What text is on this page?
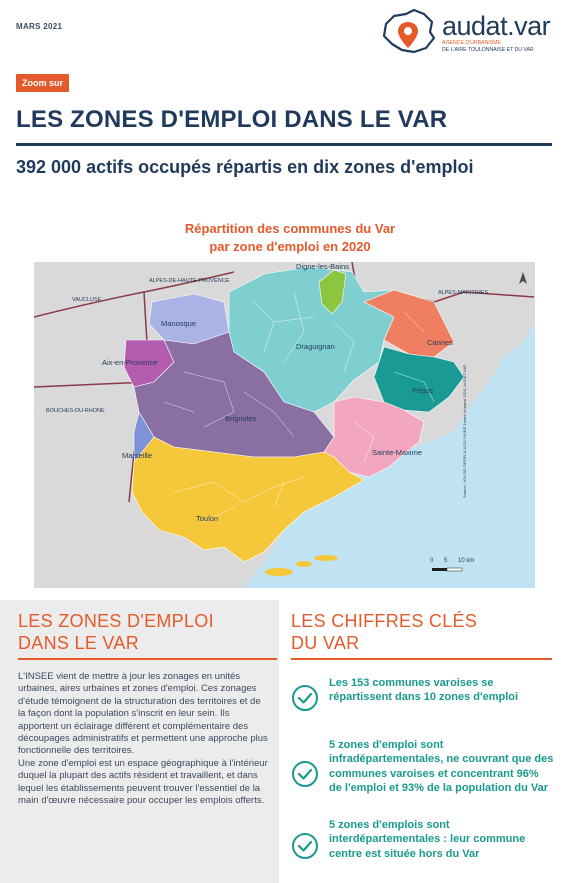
MARS 2021	audat.var
AGENCE D'URBANISME
DE L'AIRE TOULONNAISE ET DU VAR
Zoom sur
LES ZONES D'EMPLOI DANS LE VAR
392 000 actifs occupés répartis en dix zones d'emploi
Répartition des communes du Var
par zone d'emploi en 2020
ALPES-DE-HAUTE-PROVENCE
ALPES-MARITIMES
VAUCLUSE
BOUCHES-DU-RHONE
Digne-les-Bains
Manosque
Aix-en-Provence
Draguignan	Cannes
Fréjus
Brignoles
Marseille	Sainte-Maxime
Toulon
0 5 10 km
Source : IGN BD GEOFLA 2020, INSEE Zones d'emploi 2020, AUDAT.VAR
LES ZONES D'EMPLOI
DANS LE VAR

L'INSEE vient de mettre à jour les zonages en unités urbaines, aires urbaines et zones d'emploi. Ces zonages d'étude témoignent de la structuration des territoires et de la façon dont la population s'inscrit en leur sein. Ils apportent un éclairage différent et complémentaire des découpages administratifs et permettent une approche plus fonctionnelle des territoires.

Une zone d'emploi est un espace géographique à l'intérieur duquel la plupart des actifs résident et travaillent, et dans lequel les établissements peuvent trouver l'essentiel de la main d'œuvre nécessaire pour occuper les emplois offerts.

LES CHIFFRES CLÉS
DU VAR
Les 153 communes varoises se répartissent dans 10 zones d'emploi
5 zones d'emploi sont infradépartementales, ne couvrant que des communes varoises et concentrant 96% de l'emploi et 93% de la population du Var
5 zones d'emplois sont interdépartementales : leur commune centre est située hors du Var
